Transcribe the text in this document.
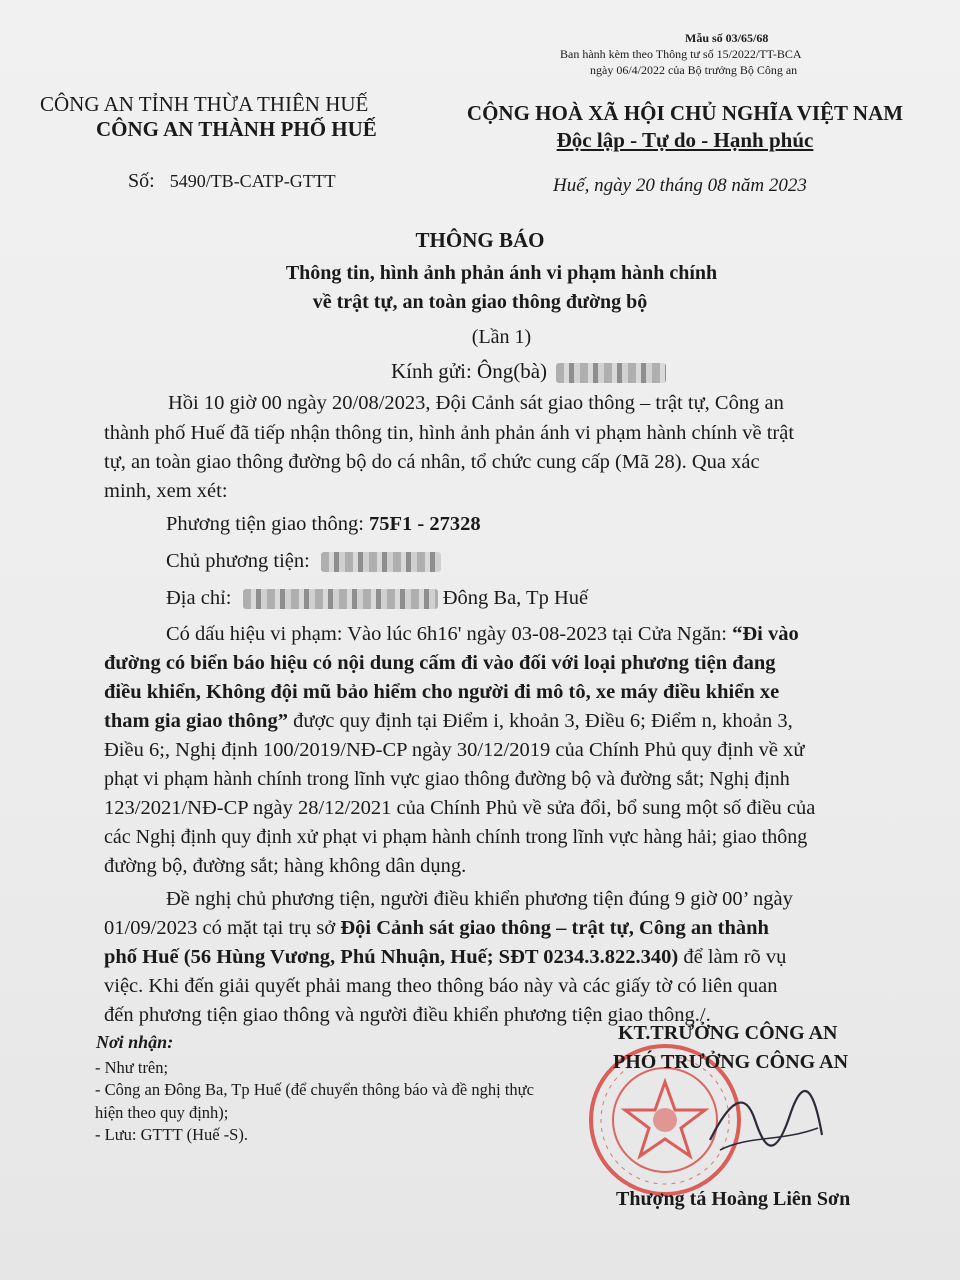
Mẫu số 03/65/68
Ban hành kèm theo Thông tư số 15/2022/TT-BCA
ngày 06/4/2022 của Bộ trưởng Bộ Công an
CÔNG AN TỈNH THỪA THIÊN HUẾ
CÔNG AN THÀNH PHỐ HUẾ
CỘNG HOÀ XÃ HỘI CHỦ NGHĨA VIỆT NAM
Độc lập - Tự do - Hạnh phúc
Số: 5490/TB-CATP-GTTT	Huế, ngày 20 tháng 08 năm 2023
THÔNG BÁO
Thông tin, hình ảnh phản ánh vi phạm hành chính
về trật tự, an toàn giao thông đường bộ
(Lần 1)
Kính gửi: Ông(bà)
Hồi 10 giờ 00 ngày 20/08/2023, Đội Cảnh sát giao thông – trật tự, Công an
thành phố Huế đã tiếp nhận thông tin, hình ảnh phản ánh vi phạm hành chính về trật
tự, an toàn giao thông đường bộ do cá nhân, tổ chức cung cấp (Mã 28). Qua xác
minh, xem xét:
Phương tiện giao thông: 75F1 - 27328
Chủ phương tiện:
Địa chỉ:	Đông Ba, Tp Huế
Có dấu hiệu vi phạm: Vào lúc 6h16' ngày 03-08-2023 tại Cửa Ngăn: “Đi vào
đường có biển báo hiệu có nội dung cấm đi vào đối với loại phương tiện đang
điều khiển, Không đội mũ bảo hiểm cho người đi mô tô, xe máy điều khiển xe
tham gia giao thông” được quy định tại Điểm i, khoản 3, Điều 6; Điểm n, khoản 3,
Điều 6;, Nghị định 100/2019/NĐ-CP ngày 30/12/2019 của Chính Phủ quy định về xử
phạt vi phạm hành chính trong lĩnh vực giao thông đường bộ và đường sắt; Nghị định
123/2021/NĐ-CP ngày 28/12/2021 của Chính Phủ về sửa đổi, bổ sung một số điều của
các Nghị định quy định xử phạt vi phạm hành chính trong lĩnh vực hàng hải; giao thông
đường bộ, đường sắt; hàng không dân dụng.
Đề nghị chủ phương tiện, người điều khiển phương tiện đúng 9 giờ 00’ ngày
01/09/2023 có mặt tại trụ sở Đội Cảnh sát giao thông – trật tự, Công an thành
phố Huế (56 Hùng Vương, Phú Nhuận, Huế; SĐT 0234.3.822.340) để làm rõ vụ
việc. Khi đến giải quyết phải mang theo thông báo này và các giấy tờ có liên quan
đến phương tiện giao thông và người điều khiển phương tiện giao thông./.
Nơi nhận:
- Như trên;
- Công an Đông Ba, Tp Huế (để chuyển thông báo và đề nghị thực hiện theo quy định);
- Lưu: GTTT (Huế -S).
KT.TRƯỞNG CÔNG AN
PHÓ TRƯỞNG CÔNG AN
Thượng tá Hoàng Liên Sơn
